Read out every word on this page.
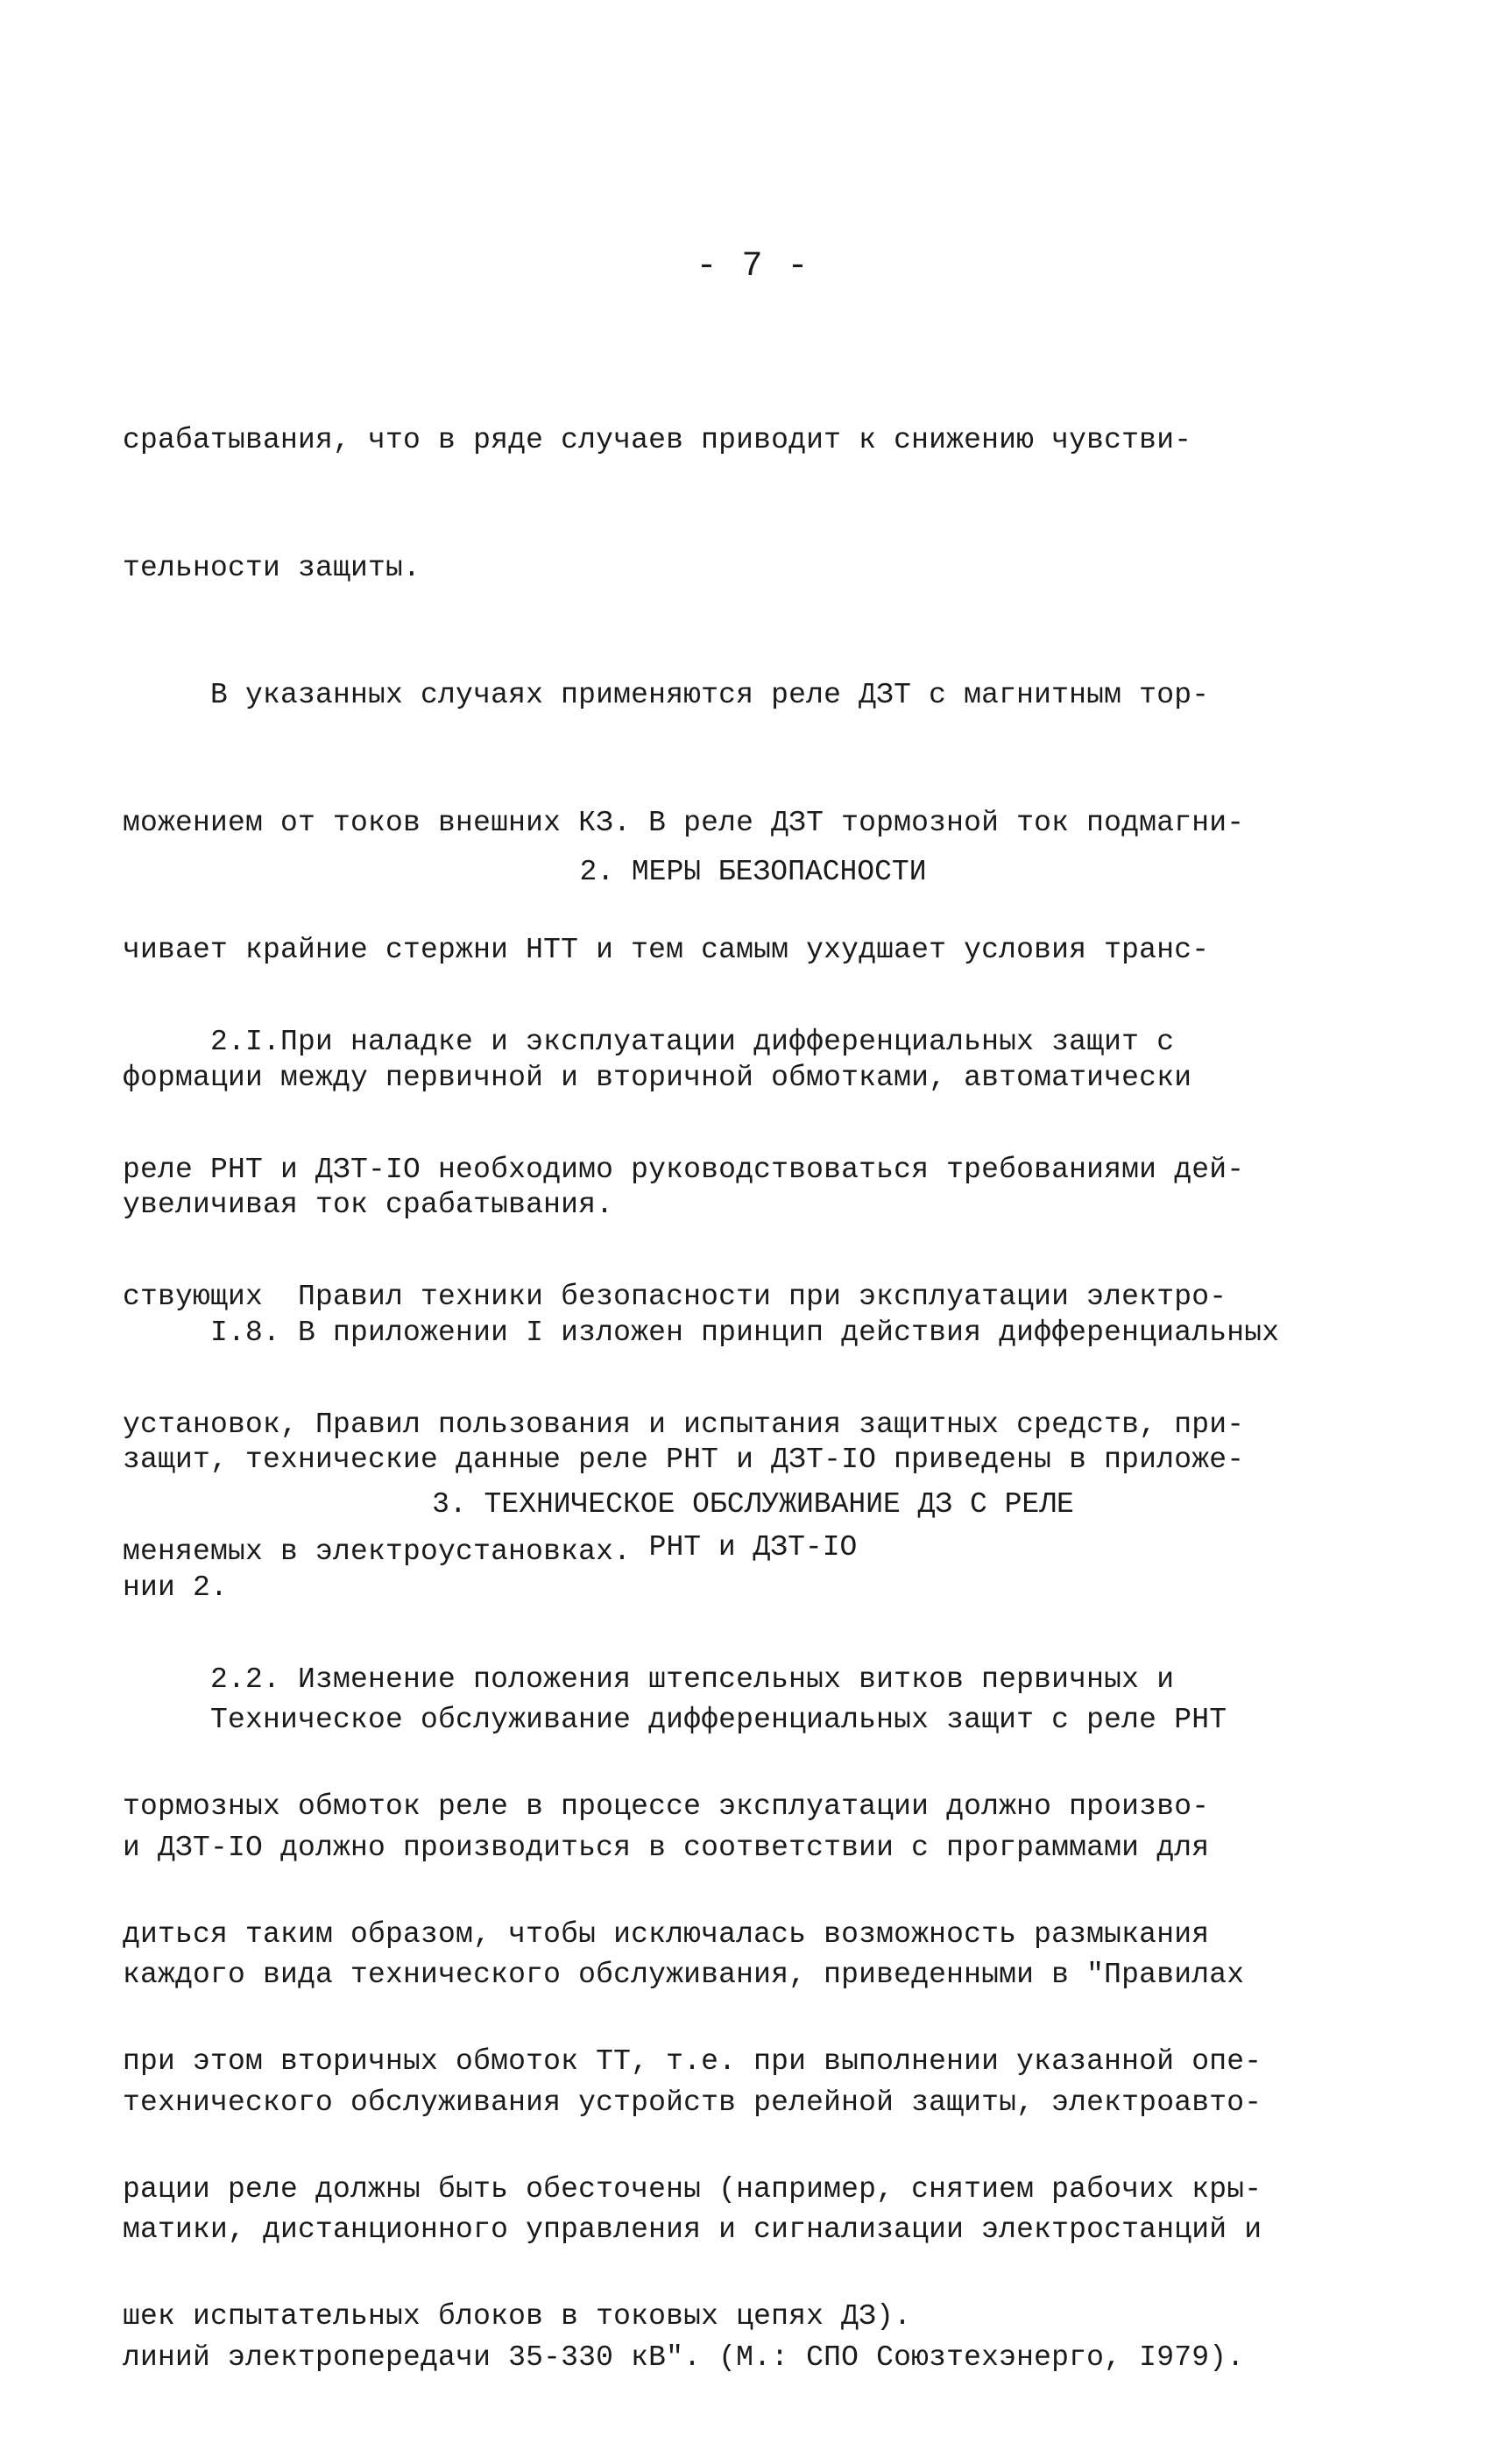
- 7 -

срабатывания, что в ряде случаев приводит к снижению чувстви-

тельности защиты.

В указанных случаях применяются реле ДЗТ с магнитным тор-

можением от токов внешних КЗ. В реле ДЗТ тормозной ток подмагни-

чивает крайние стержни НТТ и тем самым ухудшает условия транс-

формации между первичной и вторичной обмотками, автоматически

увеличивая ток срабатывания.

I.8. В приложении I изложен принцип действия дифференциальных

защит, технические данные реле РНТ и ДЗТ-IO приведены в приложе-

нии 2.

2. МЕРЫ БЕЗОПАСНОСТИ

2.I.При наладке и эксплуатации дифференциальных защит с

реле РНТ и ДЗТ-IO необходимо руководствоваться требованиями дей-

ствующих  Правил техники безопасности при эксплуатации электро-

установок, Правил пользования и испытания защитных средств, при-

меняемых в электроустановках.

2.2. Изменение положения штепсельных витков первичных и

тормозных обмоток реле в процессе эксплуатации должно произво-

диться таким образом, чтобы исключалась возможность размыкания

при этом вторичных обмоток ТТ, т.е. при выполнении указанной опе-

рации реле должны быть обесточены (например, снятием рабочих кры-

шек испытательных блоков в токовых цепях ДЗ).

3. ТЕХНИЧЕСКОЕ ОБСЛУЖИВАНИЕ ДЗ С РЕЛЕ
РНТ и ДЗТ-IO

Техническое обслуживание дифференциальных защит с реле РНТ

и ДЗТ-IO должно производиться в соответствии с программами для

каждого вида технического обслуживания, приведенными в "Правилах

технического обслуживания устройств релейной защиты, электроавто-

матики, дистанционного управления и сигнализации электростанций и

линий электропередачи 35-330 кВ". (М.: СПО Союзтехэнерго, I979).
